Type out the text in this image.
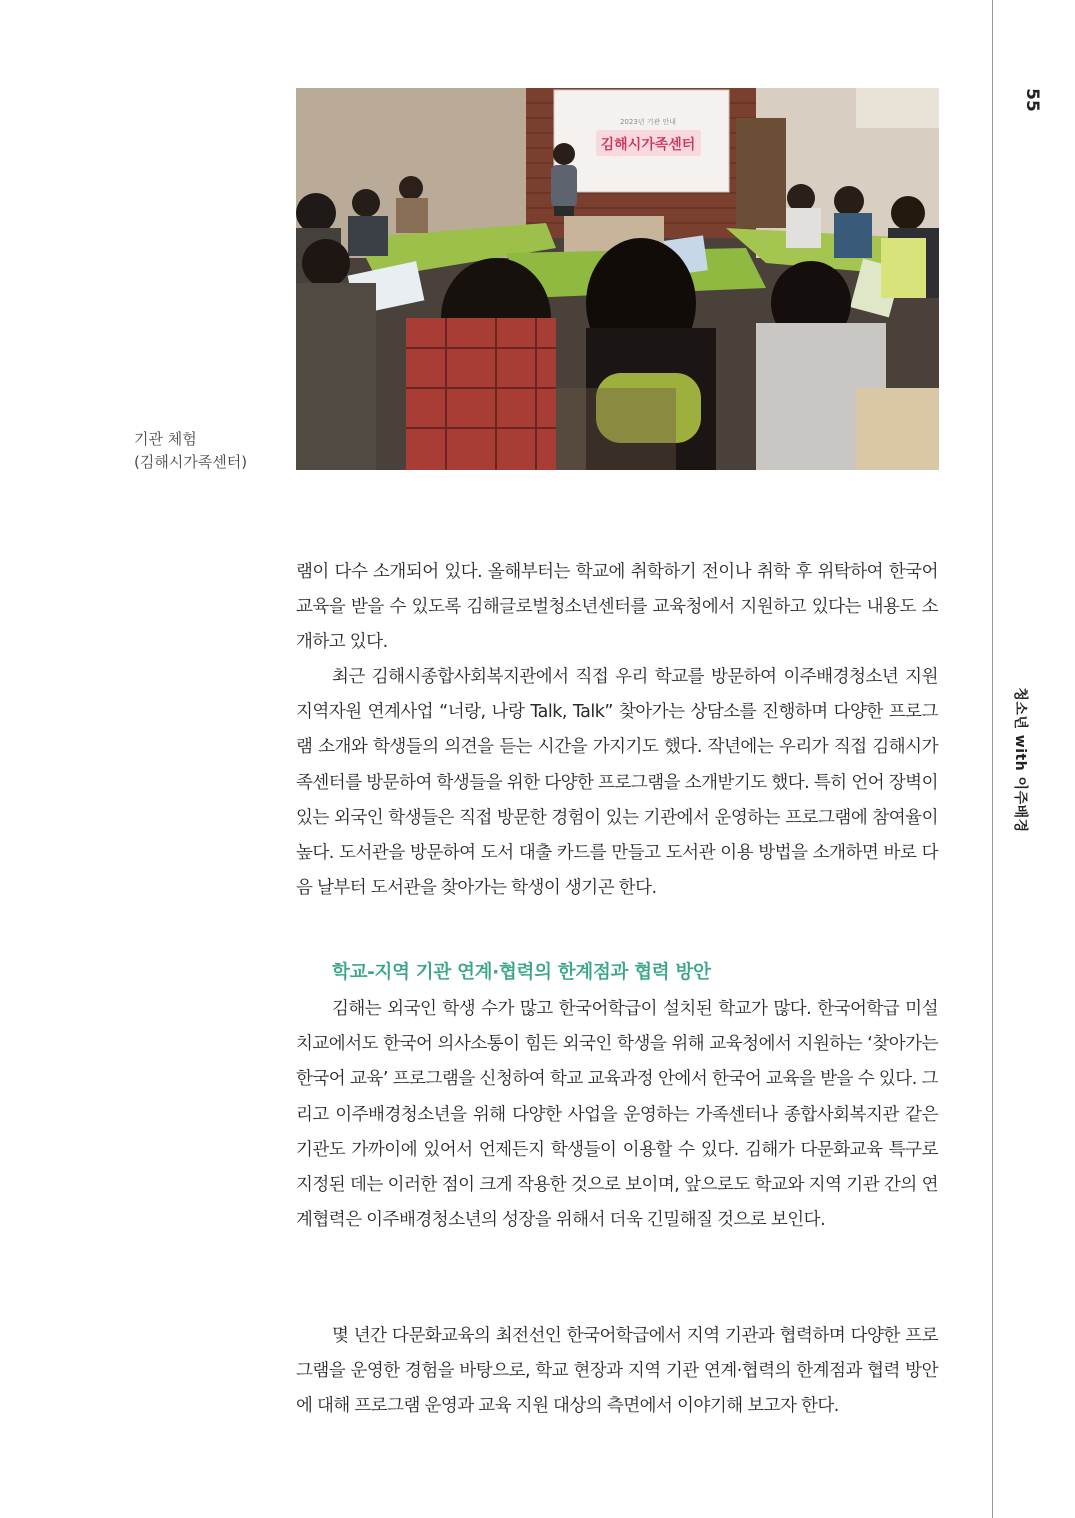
55
청소년 with 이주배경
김해시가족센터
2023년 기관 안내
기관 체험
(김해시가족센터)

램이 다수 소개되어 있다. 올해부터는 학교에 취학하기 전이나 취학 후 위탁하여 한국어 교육을 받을 수 있도록 김해글로벌청소년센터를 교육청에서 지원하고 있다는 내용도 소개하고 있다.

최근 김해시종합사회복지관에서 직접 우리 학교를 방문하여 이주배경청소년 지원 지역자원 연계사업 “너랑, 나랑 Talk, Talk” 찾아가는 상담소를 진행하며 다양한 프로그램 소개와 학생들의 의견을 듣는 시간을 가지기도 했다. 작년에는 우리가 직접 김해시가족센터를 방문하여 학생들을 위한 다양한 프로그램을 소개받기도 했다. 특히 언어 장벽이 있는 외국인 학생들은 직접 방문한 경험이 있는 기관에서 운영하는 프로그램에 참여율이 높다. 도서관을 방문하여 도서 대출 카드를 만들고 도서관 이용 방법을 소개하면 바로 다음 날부터 도서관을 찾아가는 학생이 생기곤 한다.

학교-지역 기관 연계·협력의 한계점과 협력 방안

김해는 외국인 학생 수가 많고 한국어학급이 설치된 학교가 많다. 한국어학급 미설치교에서도 한국어 의사소통이 힘든 외국인 학생을 위해 교육청에서 지원하는 ‘찾아가는 한국어 교육’ 프로그램을 신청하여 학교 교육과정 안에서 한국어 교육을 받을 수 있다. 그리고 이주배경청소년을 위해 다양한 사업을 운영하는 가족센터나 종합사회복지관 같은 기관도 가까이에 있어서 언제든지 학생들이 이용할 수 있다. 김해가 다문화교육 특구로 지정된 데는 이러한 점이 크게 작용한 것으로 보이며, 앞으로도 학교와 지역 기관 간의 연계협력은 이주배경청소년의 성장을 위해서 더욱 긴밀해질 것으로 보인다.

몇 년간 다문화교육의 최전선인 한국어학급에서 지역 기관과 협력하며 다양한 프로그램을 운영한 경험을 바탕으로, 학교 현장과 지역 기관 연계·협력의 한계점과 협력 방안에 대해 프로그램 운영과 교육 지원 대상의 측면에서 이야기해 보고자 한다.
